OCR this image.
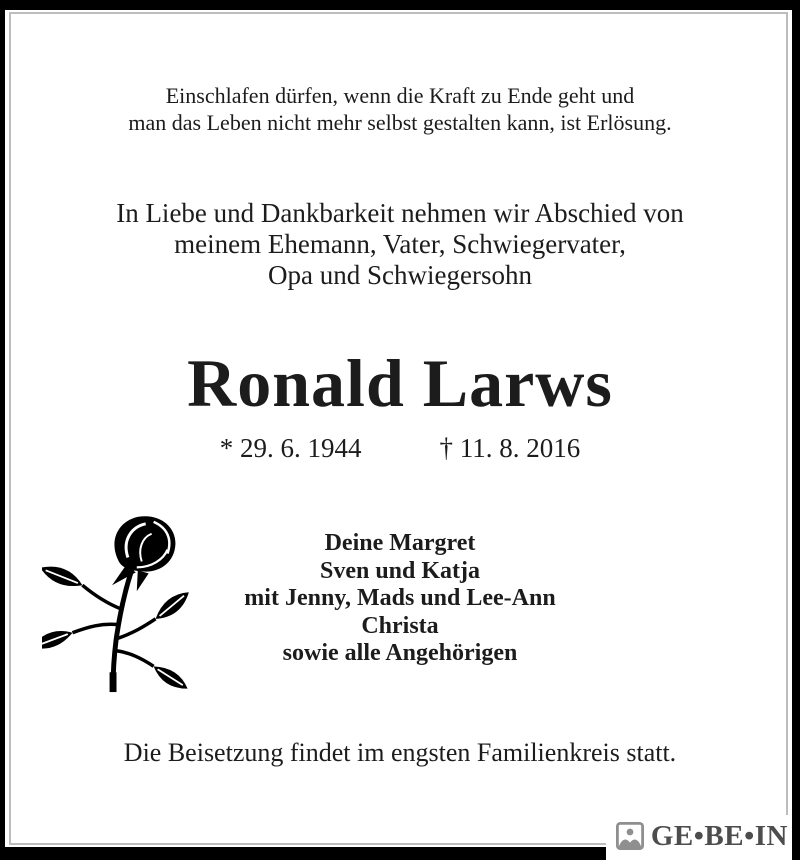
Einschlafen dürfen, wenn die Kraft zu Ende geht und
man das Leben nicht mehr selbst gestalten kann, ist Erlösung.
In Liebe und Dankbarkeit nehmen wir Abschied von
meinem Ehemann, Vater, Schwiegervater,
Opa und Schwiegersohn
Ronald Larws
* 29. 6. 1944	† 11. 8. 2016
Deine Margret
Sven und Katja
mit Jenny, Mads und Lee-Ann
Christa
sowie alle Angehörigen
Die Beisetzung findet im engsten Familienkreis statt.
GE•BE•IN
